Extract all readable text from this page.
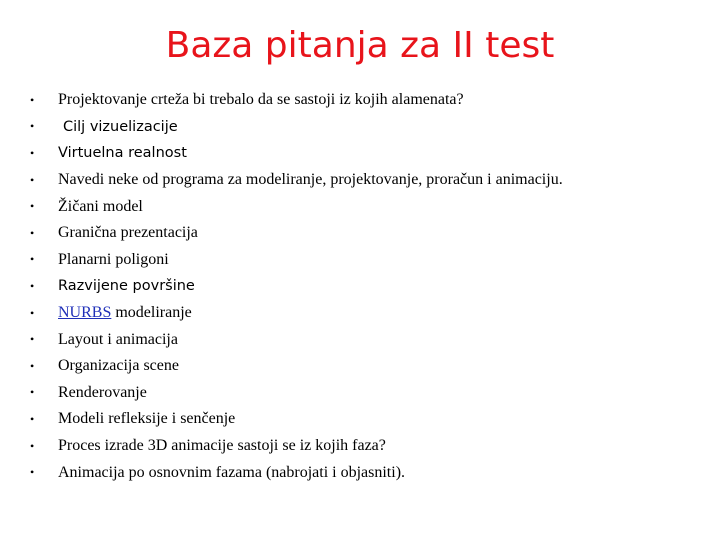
Baza pitanja za II test
•	Projektovanje crteža bi trebalo da se sastoji iz kojih alamenata?
•	Cilj vizuelizacije
•	Virtuelna realnost
•	Navedi neke od programa za modeliranje, projektovanje, proračun i animaciju.
•	Žičani model
•	Granična prezentacija
•	Planarni poligoni
•	Razvijene površine
•	NURBS modeliranje
•	Layout i animacija
•	Organizacija scene
•	Renderovanje
•	Modeli refleksije i senčenje
•	Proces izrade 3D animacije sastoji se iz kojih faza?
•	Animacija po osnovnim fazama (nabrojati i objasniti).
